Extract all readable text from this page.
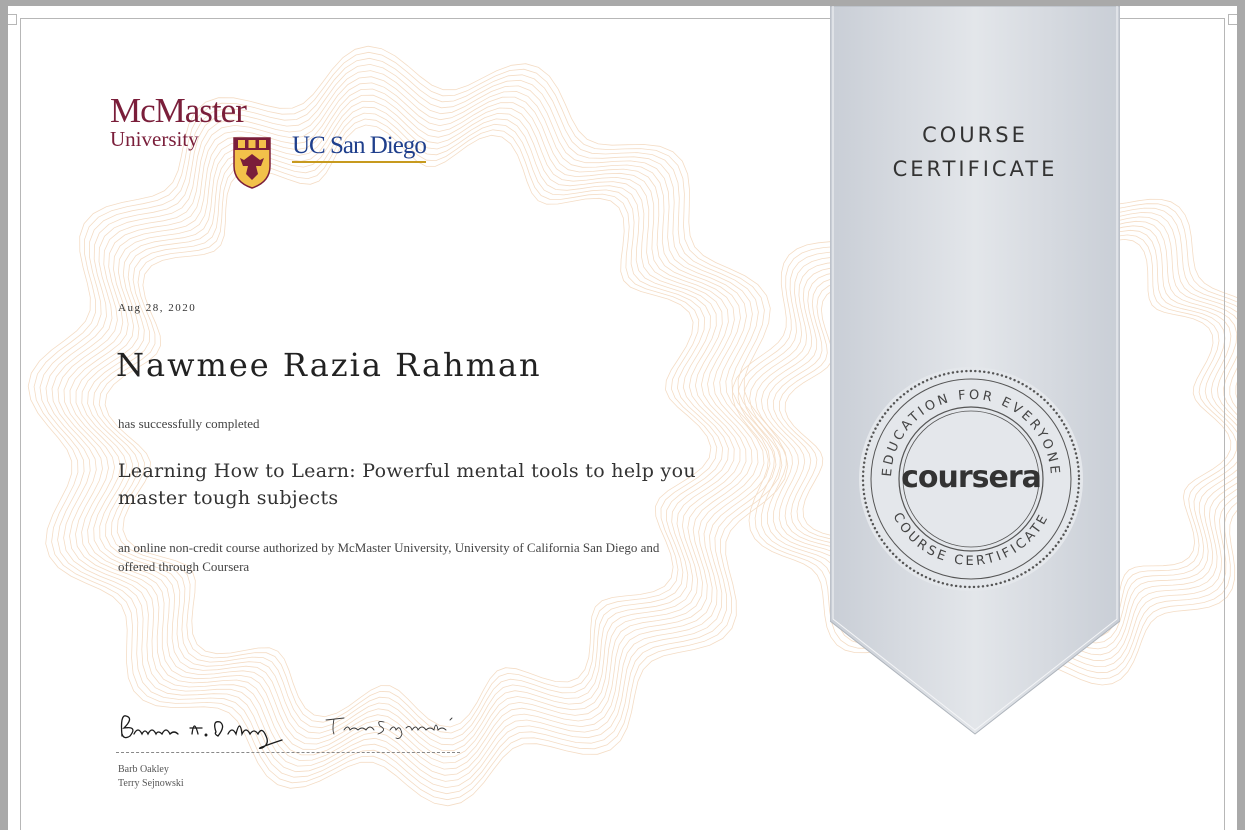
McMaster
University	UC San Diego
Aug 28, 2020
Nawmee Razia Rahman
has successfully completed
Learning How to Learn: Powerful mental tools to help you master tough subjects
an online non-credit course authorized by McMaster University, University of California San Diego and offered through Coursera
Barb Oakley
Terry Sejnowski
COURSE
CERTIFICATE
EDUCATION FOR EVERYONE
COURSE CERTIFICATE
coursera
